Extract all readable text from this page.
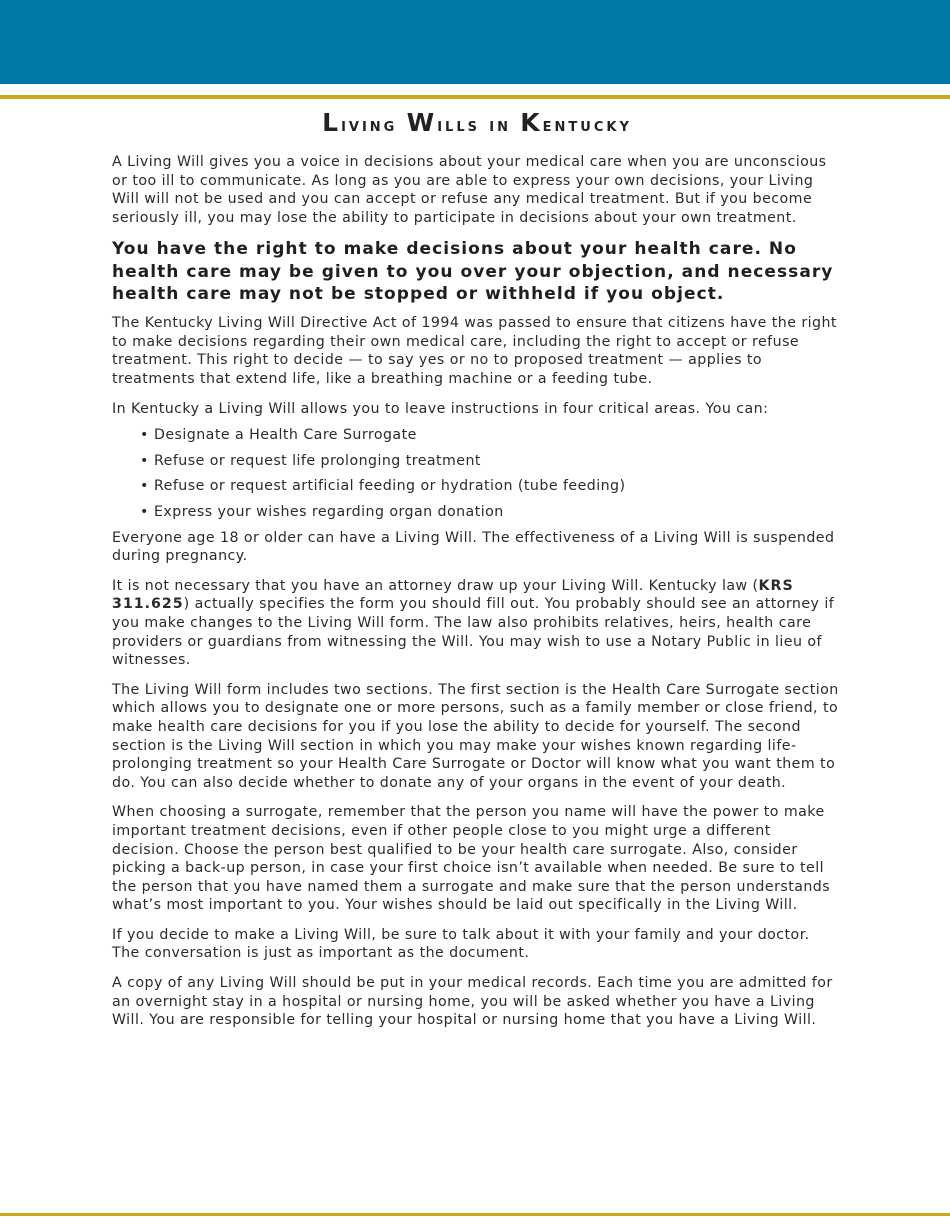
Living Wills in Kentucky

A Living Will gives you a voice in decisions about your medical care when you are unconscious or too ill to communicate. As long as you are able to express your own decisions, your Living Will will not be used and you can accept or refuse any medical treatment. But if you become seriously ill, you may lose the ability to participate in decisions about your own treatment.

You have the right to make decisions about your health care. No health care may be given to you over your objection, and necessary health care may not be stopped or withheld if you object.

The Kentucky Living Will Directive Act of 1994 was passed to ensure that citizens have the right to make decisions regarding their own medical care, including the right to accept or refuse treatment. This right to decide — to say yes or no to proposed treatment — applies to treatments that extend life, like a breathing machine or a feeding tube.

In Kentucky a Living Will allows you to leave instructions in four critical areas. You can:

• Designate a Health Care Surrogate
• Refuse or request life prolonging treatment
• Refuse or request artificial feeding or hydration (tube feeding)
• Express your wishes regarding organ donation

Everyone age 18 or older can have a Living Will. The effectiveness of a Living Will is suspended during pregnancy.

It is not necessary that you have an attorney draw up your Living Will. Kentucky law (KRS 311.625) actually specifies the form you should fill out. You probably should see an attorney if you make changes to the Living Will form. The law also prohibits relatives, heirs, health care providers or guardians from witnessing the Will. You may wish to use a Notary Public in lieu of witnesses.

The Living Will form includes two sections. The first section is the Health Care Surrogate section which allows you to designate one or more persons, such as a family member or close friend, to make health care decisions for you if you lose the ability to decide for yourself. The second section is the Living Will section in which you may make your wishes known regarding life-prolonging treatment so your Health Care Surrogate or Doctor will know what you want them to do. You can also decide whether to donate any of your organs in the event of your death.

When choosing a surrogate, remember that the person you name will have the power to make important treatment decisions, even if other people close to you might urge a different decision. Choose the person best qualified to be your health care surrogate. Also, consider picking a back-up person, in case your first choice isn’t available when needed. Be sure to tell the person that you have named them a surrogate and make sure that the person understands what’s most important to you. Your wishes should be laid out specifically in the Living Will.

If you decide to make a Living Will, be sure to talk about it with your family and your doctor. The conversation is just as important as the document.

A copy of any Living Will should be put in your medical records. Each time you are admitted for an overnight stay in a hospital or nursing home, you will be asked whether you have a Living Will. You are responsible for telling your hospital or nursing home that you have a Living Will.
